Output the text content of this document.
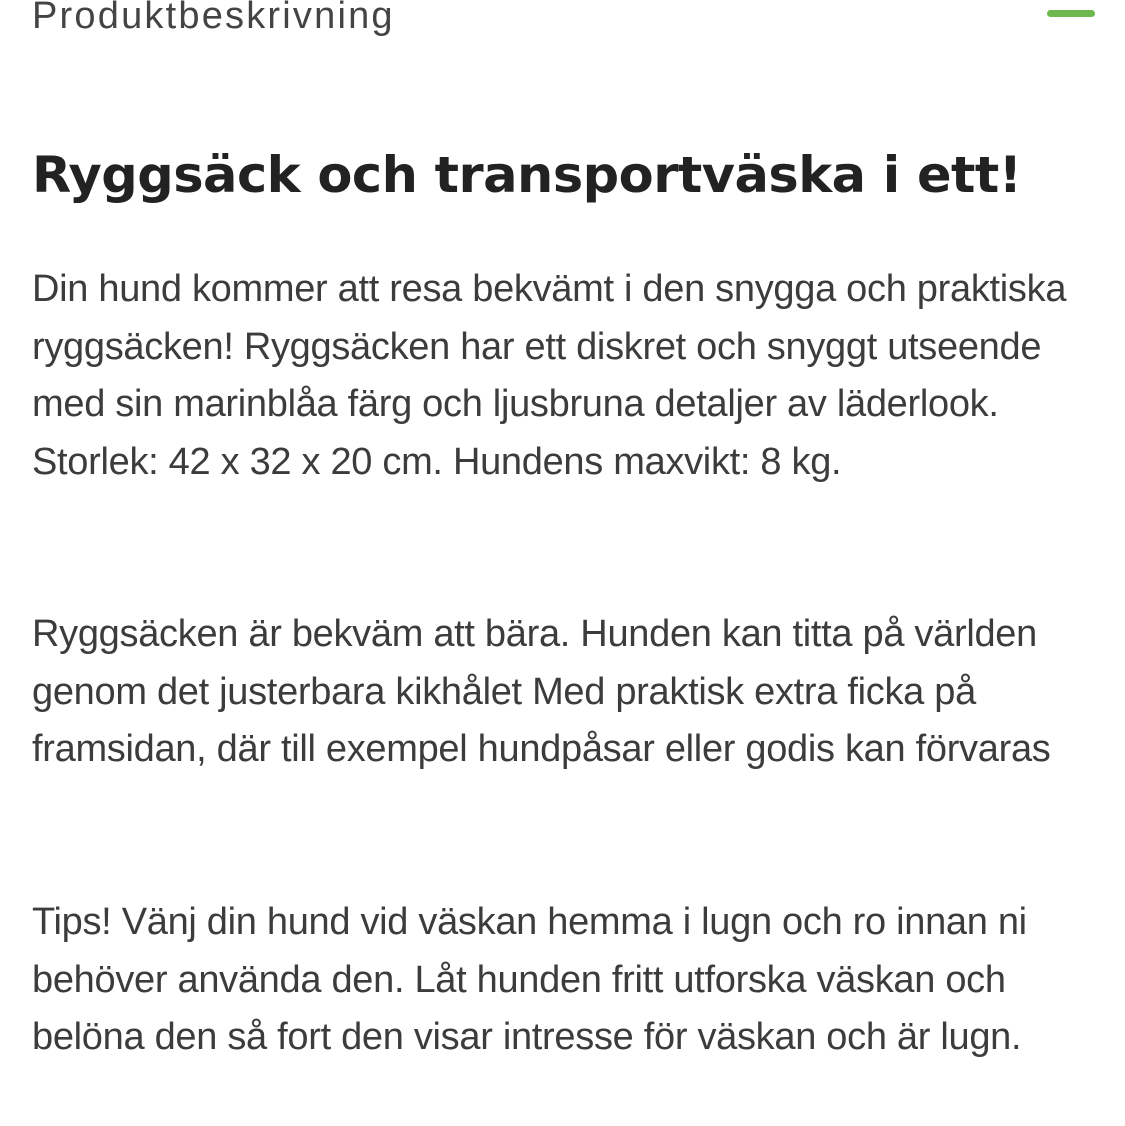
Produktbeskrivning
Ryggsäck och transportväska i ett!

Din hund kommer att resa bekvämt i den snygga och praktiska ryggsäcken! Ryggsäcken har ett diskret och snyggt utseende med sin marinblåa färg och ljusbruna detaljer av läderlook. Storlek: 42 x 32 x 20 cm. Hundens maxvikt: 8 kg.

Ryggsäcken är bekväm att bära. Hunden kan titta på världen genom det justerbara kikhålet Med praktisk extra ficka på framsidan, där till exempel hundpåsar eller godis kan förvaras

Tips! Vänj din hund vid väskan hemma i lugn och ro innan ni behöver använda den. Låt hunden fritt utforska väskan och belöna den så fort den visar intresse för väskan och är lugn.
